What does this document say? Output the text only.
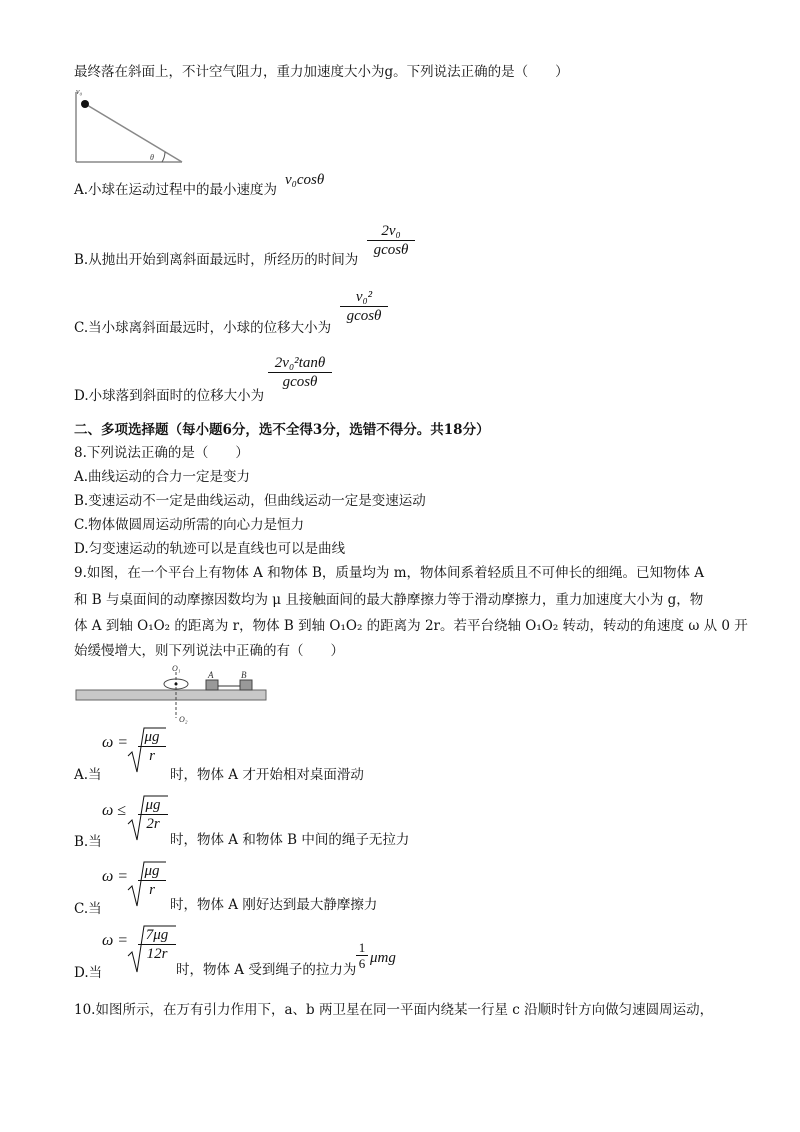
最终落在斜面上，不计空气阻力，重力加速度大小为g。下列说法正确的是（　　）
v₀
θ
A.小球在运动过程中的最小速度为
v₀cosθ
B.从抛出开始到离斜面最远时，所经历的时间为
2v₀
gcosθ
C.当小球离斜面最远时，小球的位移大小为
v₀²
gcosθ
D.小球落到斜面时的位移大小为
2v₀²tanθ
gcosθ
二、多项选择题（每小题6分，选不全得3分，选错不得分。共18分）
8.下列说法正确的是（　　）
A.曲线运动的合力一定是变力
B.变速运动不一定是曲线运动，但曲线运动一定是变速运动
C.物体做圆周运动所需的向心力是恒力
D.匀变速运动的轨迹可以是直线也可以是曲线
9.如图，在一个平台上有物体 A 和物体 B，质量均为 m，物体间系着轻质且不可伸长的细绳。已知物体 A
和 B 与桌面间的动摩擦因数均为 μ 且接触面间的最大静摩擦力等于滑动摩擦力，重力加速度大小为 g，物
体 A 到轴 O₁O₂ 的距离为 r，物体 B 到轴 O₁O₂ 的距离为 2r。若平台绕轴 O₁O₂ 转动，转动的角速度 ω 从 0 开
始缓慢增大，则下列说法中正确的有（　　）
O₁
O₂
A	B
A.当
ω =	μg
r
时，物体 A 才开始相对桌面滑动
B.当
ω ≤	μg
2r
时，物体 A 和物体 B 中间的绳子无拉力
C.当
ω =	μg
r
时，物体 A 刚好达到最大静摩擦力
D.当
ω =	7μg
12r
时，物体 A 受到绳子的拉力为
1
6 μmg
10.如图所示，在万有引力作用下，a、b 两卫星在同一平面内绕某一行星 c 沿顺时针方向做匀速圆周运动，
